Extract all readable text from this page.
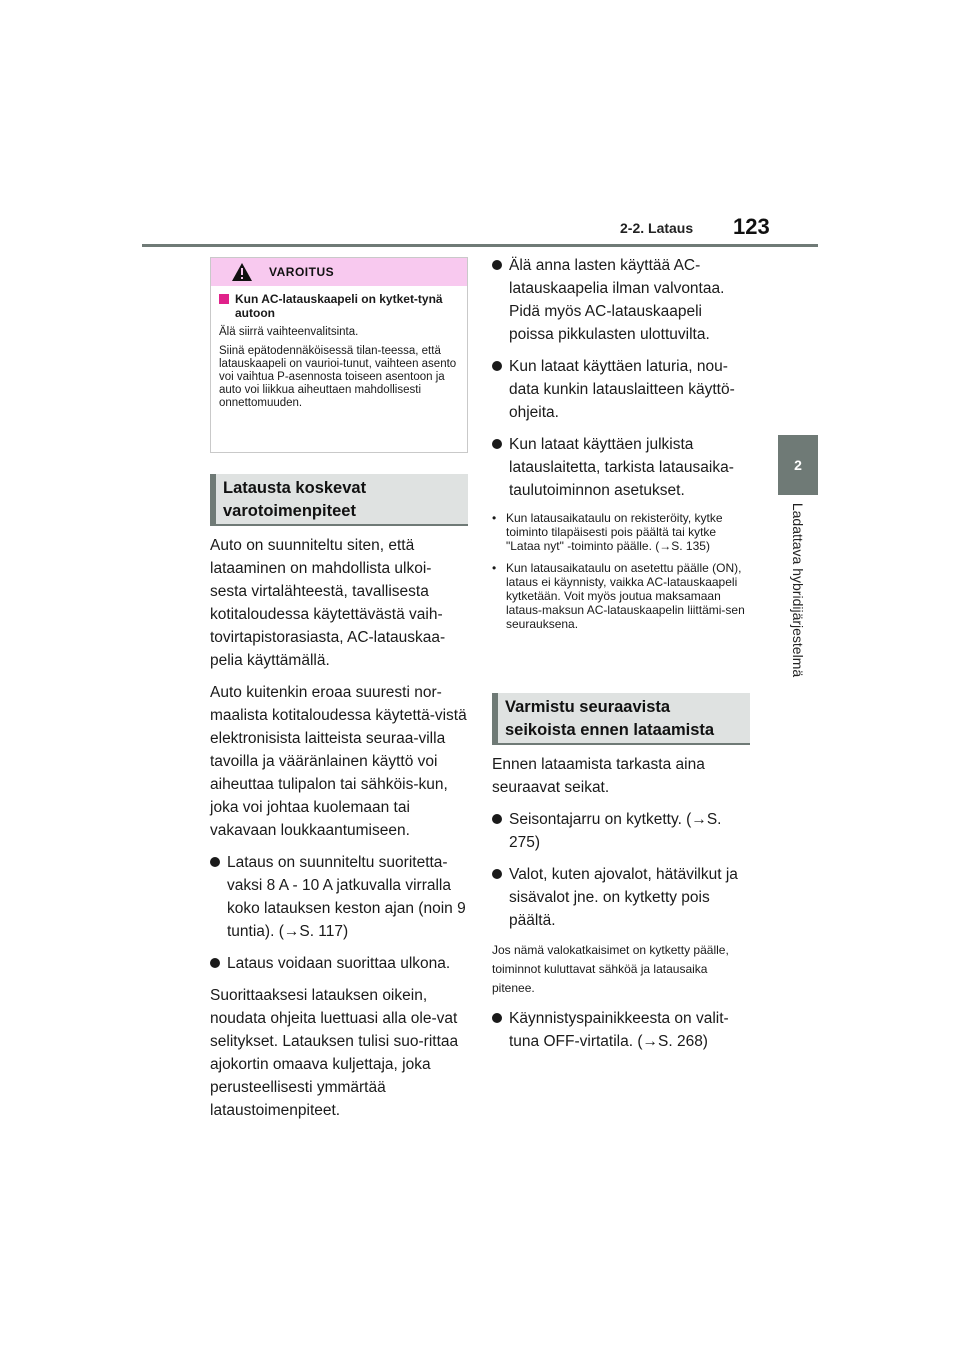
2-2. Lataus 123
2
Ladattava hybridijärjestelmä
VAROITUS
Kun AC-latauskaapeli on kytket-tynä autoon

Älä siirrä vaihteenvalitsinta.

Siinä epätodennäköisessä tilan-teessa, että latauskaapeli on vaurioi-tunut, vaihteen asento voi vaihtua P-asennosta toiseen asentoon ja auto voi liikkua aiheuttaen mahdollisesti onnettomuuden.

Latausta koskevat
varotoimenpiteet

Auto on suunniteltu siten, että lataaminen on mahdollista ulkoi-sesta virtalähteestä, tavallisesta kotitaloudessa käytettävästä vaih-tovirtapistorasiasta, AC-latauskaa-pelia käyttämällä.

Auto kuitenkin eroaa suuresti nor-maalista kotitaloudessa käytettä-vistä elektronisista laitteista seuraa-villa tavoilla ja vääränlainen käyttö voi aiheuttaa tulipalon tai sähköis-kun, joka voi johtaa kuolemaan tai vakavaan loukkaantumiseen.

Lataus on suunniteltu suoritetta-vaksi 8 A - 10 A jatkuvalla virralla koko latauksen keston ajan (noin 9 tuntia). (→S. 117)
Lataus voidaan suorittaa ulkona.

Suorittaaksesi latauksen oikein, noudata ohjeita luettuasi alla ole-vat selitykset. Latauksen tulisi suo-rittaa ajokortin omaava kuljettaja, joka perusteellisesti ymmärtää lataustoimenpiteet.

Älä anna lasten käyttää AC-latauskaapelia ilman valvontaa. Pidä myös AC-latauskaapeli poissa pikkulasten ulottuvilta.
Kun lataat käyttäen laturia, nou-data kunkin latauslaitteen käyttö-ohjeita.
Kun lataat käyttäen julkista latauslaitetta, tarkista latausaika-taulutoiminnon asetukset.
• Kun latausaikataulu on rekisteröity, kytke toiminto tilapäisesti pois päältä tai kytke "Lataa nyt" -toiminto päälle. (→S. 135)
• Kun latausaikataulu on asetettu päälle (ON), lataus ei käynnisty, vaikka AC-latauskaapeli kytketään. Voit myös joutua maksamaan lataus-maksun AC-latauskaapelin liittämi-sen seurauksena.
Varmistu seuraavista
seikoista ennen lataamista

Ennen lataamista tarkasta aina seuraavat seikat.

Seisontajarru on kytketty. (→S. 275)
Valot, kuten ajovalot, hätävilkut ja sisävalot jne. on kytketty pois päältä.

Jos nämä valokatkaisimet on kytketty päälle, toiminnot kuluttavat sähköä ja latausaika pitenee.

Käynnistyspainikkeesta on valit-tuna OFF-virtatila. (→S. 268)
